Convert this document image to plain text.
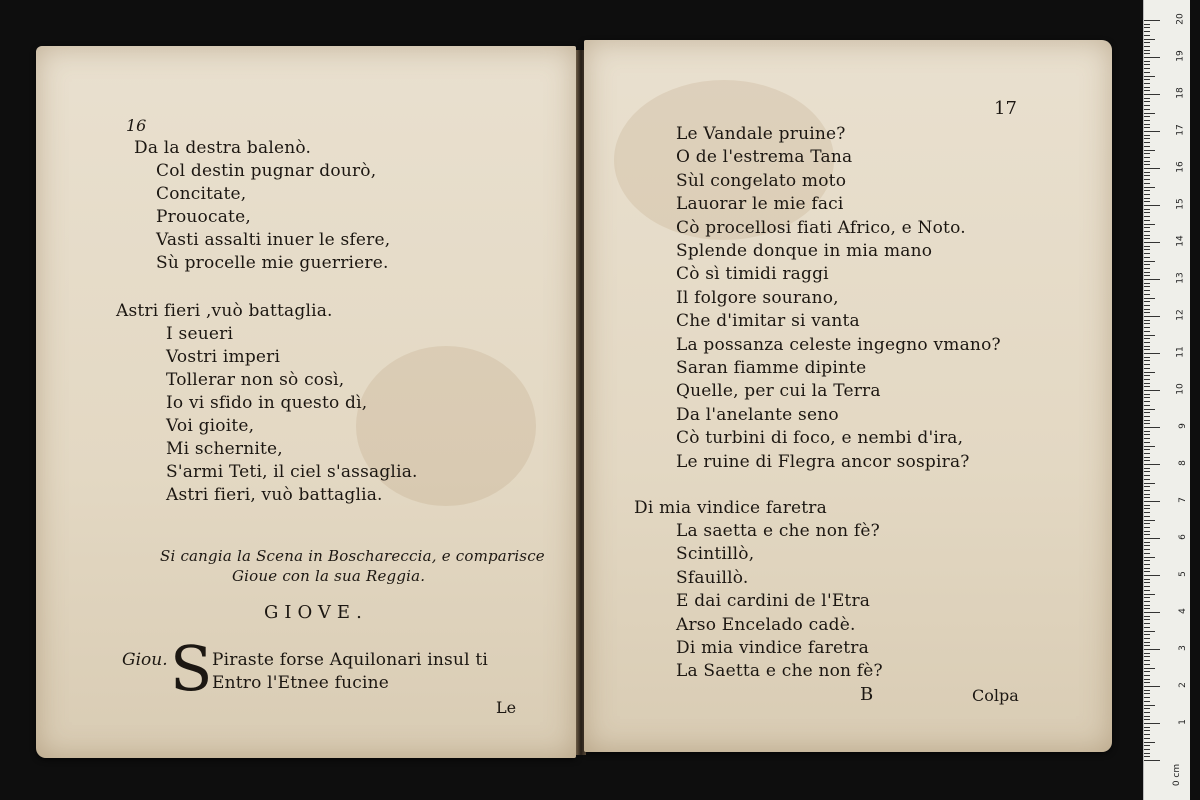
16
Da la destra balenò.
Col destin pugnar dourò,
Concitate,
Prouocate,
Vasti assalti inuer le sfere,
Sù procelle mie guerriere.
Astri fieri ,vuò battaglia.
I seueri
Vostri imperi
Tollerar non sò così,
Io vi sfido in questo dì,
Voi gioite,
Mi schernite,
S'armi Teti, il ciel s'assaglia.
Astri fieri, vuò battaglia.
Si cangia la Scena in Boschareccia, e comparisce
Gioue con la sua Reggia.
GIOVE.
Giou. S Piraste forse Aquilonari insul ti
Entro l'Etnee fucine
Le
17
Le Vandale pruine?
O de l'estrema Tana
Sùl congelato moto
Lauorar le mie faci
Cò procellosi fiati Africo, e Noto.
Splende donque in mia mano
Cò sì timidi raggi
Il folgore sourano,
Che d'imitar si vanta
La possanza celeste ingegno vmano?
Saran fiamme dipinte
Quelle, per cui la Terra
Da l'anelante seno
Cò turbini di foco, e nembi d'ira,
Le ruine di Flegra ancor sospira?
Di mia vindice faretra
La saetta e che non fè?
Scintillò,
Sfauillò.
E dai cardini de l'Etra
Arso Encelado cadè.
Di mia vindice faretra
La Saetta e che non fè?
B	Colpa
0 cm
1
2
3
4
5
6
7
8
9
10
11
12
13
14
15
16
17
18
19
20
